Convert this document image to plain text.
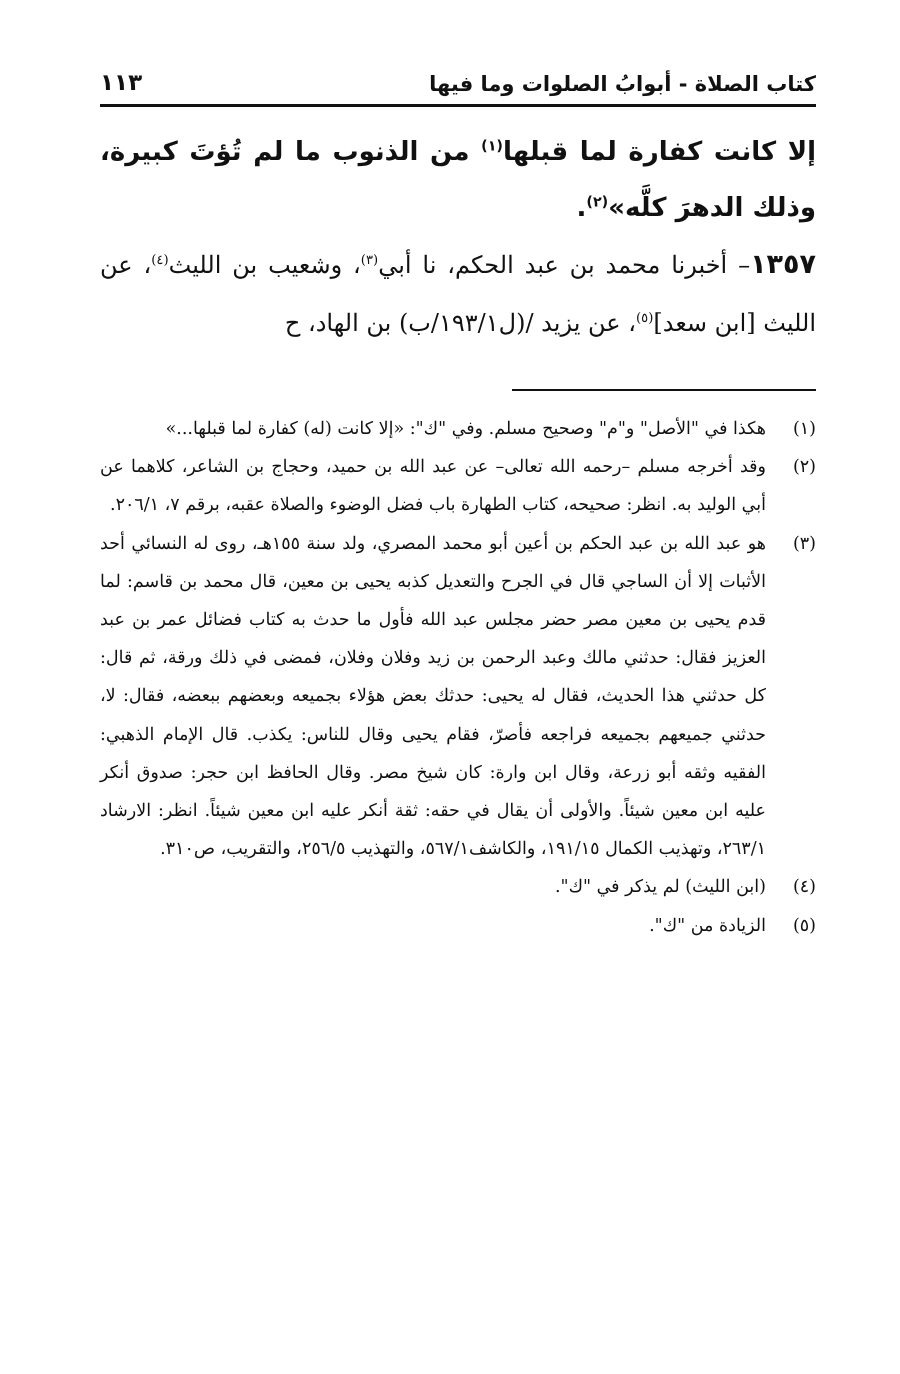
كتاب الصلاة - أبوابُ الصلوات وما فيها
١١٣
إلا كانت كفارة لما قبلها$^{(١)}$ من الذنوب ما لم تُؤتَ كبيرة، وذلك الدهرَ كلَّه»$^{(٢)}$.
١٣٥٧– أخبرنا محمد بن عبد الحكم، نا أبي$^{(٣)}$، وشعيب بن الليث$^{(٤)}$، عن الليث [ابن سعد]$^{(٥)}$، عن يزيد /(ل١٩٣/١/ب) بن الهاد، ح
(١)
هكذا في "الأصل" و"م" وصحيح مسلم. وفي "ك": «إلا كانت (له) كفارة لما قبلها...»
(٢)
وقد أخرجه مسلم –رحمه الله تعالى– عن عبد الله بن حميد، وحجاج بن الشاعر، كلاهما عن أبي الوليد به. انظر: صحيحه، كتاب الطهارة باب فضل الوضوء والصلاة عقبه، برقم ٧، ٢٠٦/١.
(٣)
هو عبد الله بن عبد الحكم بن أعين أبو محمد المصري، ولد سنة ١٥٥هـ، روى له النسائي أحد الأثبات إلا أن الساجي قال في الجرح والتعديل كذبه يحيى بن معين، قال محمد بن قاسم: لما قدم يحيى بن معين مصر حضر مجلس عبد الله فأول ما حدث به كتاب فضائل عمر بن عبد العزيز فقال: حدثني مالك وعبد الرحمن بن زيد وفلان وفلان، فمضى في ذلك ورقة، ثم قال: كل حدثني هذا الحديث، فقال له يحيى: حدثك بعض هؤلاء بجميعه وبعضهم ببعضه، فقال: لا، حدثني جميعهم بجميعه فراجعه فأصرّ، فقام يحيى وقال للناس: يكذب. قال الإمام الذهبي: الفقيه وثقه أبو زرعة، وقال ابن وارة: كان شيخ مصر. وقال الحافظ ابن حجر: صدوق أنكر عليه ابن معين شيئاً. والأولى أن يقال في حقه: ثقة أنكر عليه ابن معين شيئاً. انظر: الارشاد ٢٦٣/١، وتهذيب الكمال ١٩١/١٥، والكاشف٥٦٧/١، والتهذيب ٢٥٦/٥، والتقريب، ص٣١٠.
(٤)
(ابن الليث) لم يذكر في "ك".
(٥)
الزيادة من "ك".
